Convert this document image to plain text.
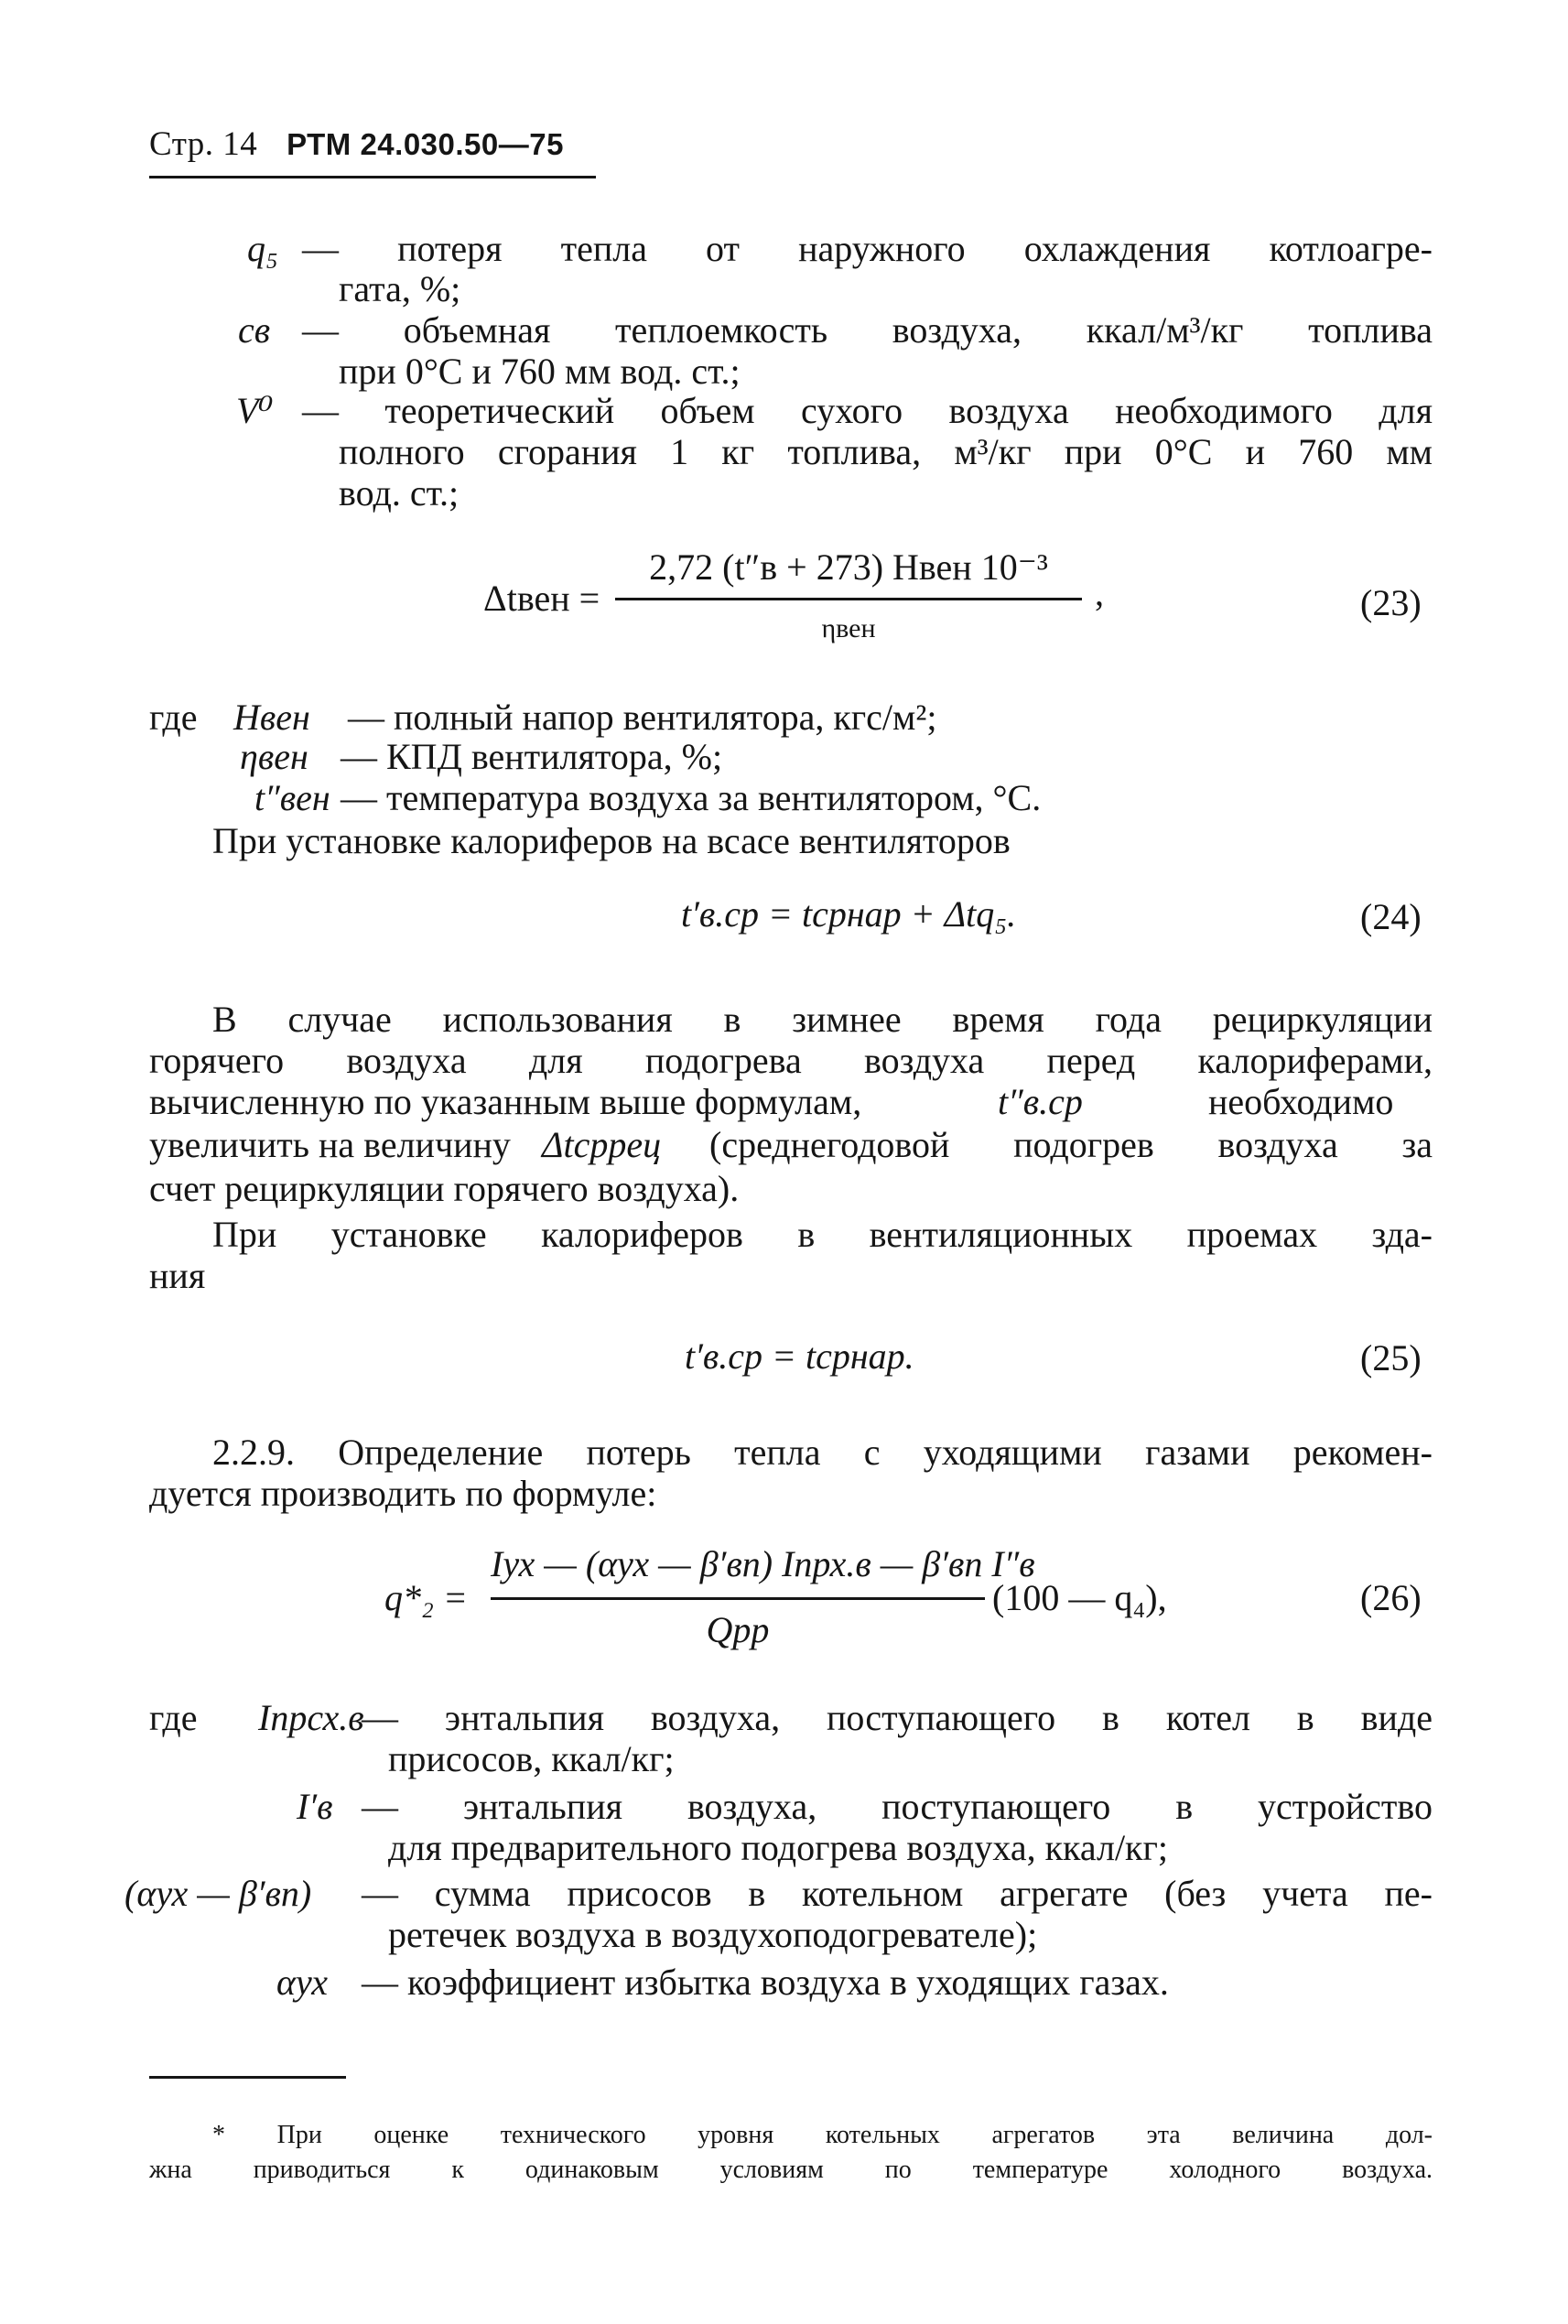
Стр. 14 РТМ 24.030.50—75
q₅ — потеря тепла от наружного охлаждения котлоагре-
гата, %;
cв — объемная теплоемкость воздуха, ккал/м³/кг топлива
при 0°С и 760 мм вод. ст.;
V⁰ — теоретический объем сухого воздуха необходимого для
полного сгорания 1 кг топлива, м³/кг при 0°С и 760 мм
вод. ст.;
Δtвен =
2,72 (t″в + 273) Hвен 10⁻³
ηвен
,	(23)
где Hвен — полный напор вентилятора, кгс/м²;
ηвен — КПД вентилятора, %;
t″вен — температура воздуха за вентилятором, °С.
При установке калориферов на всасе вентиляторов
t′в.ср = tсрнар + Δtq₅.	(24)
В случае использования в зимнее время года рециркуляции
горячего воздуха для подогрева воздуха перед калориферами,
вычисленную по указанным выше формулам,	t″в.ср	необходимо
увеличить на величину Δtсррец (среднегодовой подогрев воздуха за
счет рециркуляции горячего воздуха).
При установке калориферов в вентиляционных проемах зда-
ния
t′в.ср = tсрнар.	(25)
2.2.9. Определение потерь тепла с уходящими газами рекомен-
дуется производить по формуле:
q*₂ =
Iух — (αух — β′вп) Iпрх.в — β′вп I″в
Qрр
(100 — q₄),	(26)
где Iпрсх.в
— энтальпия воздуха, поступающего в котел в виде
присосов, ккал/кг;
I′в — энтальпия воздуха, поступающего в устройство
для предварительного подогрева воздуха, ккал/кг;
(αух — β′вп) — сумма присосов в котельном агрегате (без учета пе-
ретечек воздуха в воздухоподогревателе);
αух — коэффициент избытка воздуха в уходящих газах.
* При оценке технического уровня котельных агрегатов эта величина дол-
жна приводиться к одинаковым условиям по температуре холодного воздуха.
